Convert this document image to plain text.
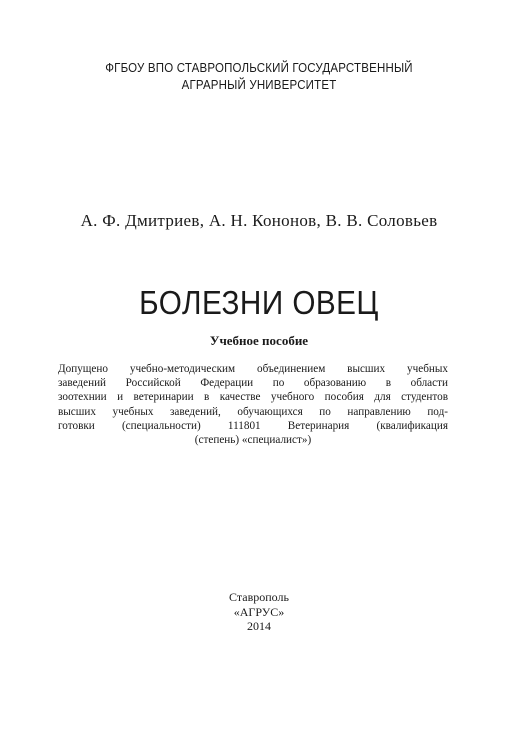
ФГБОУ ВПО СТАВРОПОЛЬСКИЙ ГОСУДАРСТВЕННЫЙ
АГРАРНЫЙ УНИВЕРСИТЕТ
А. Ф. Дмитриев, А. Н. Кононов, В. В. Соловьев
БОЛЕЗНИ ОВЕЦ
Учебное пособие
Допущено учебно-методическим объединением высших учебных
заведений Российской Федерации по образованию в области
зоотехнии и ветеринарии в качестве учебного пособия для студентов
высших учебных заведений, обучающихся по направлению под-
готовки (специальности) 111801 Ветеринария (квалификация
(степень) «специалист»)
Ставрополь
«АГРУС»
2014
